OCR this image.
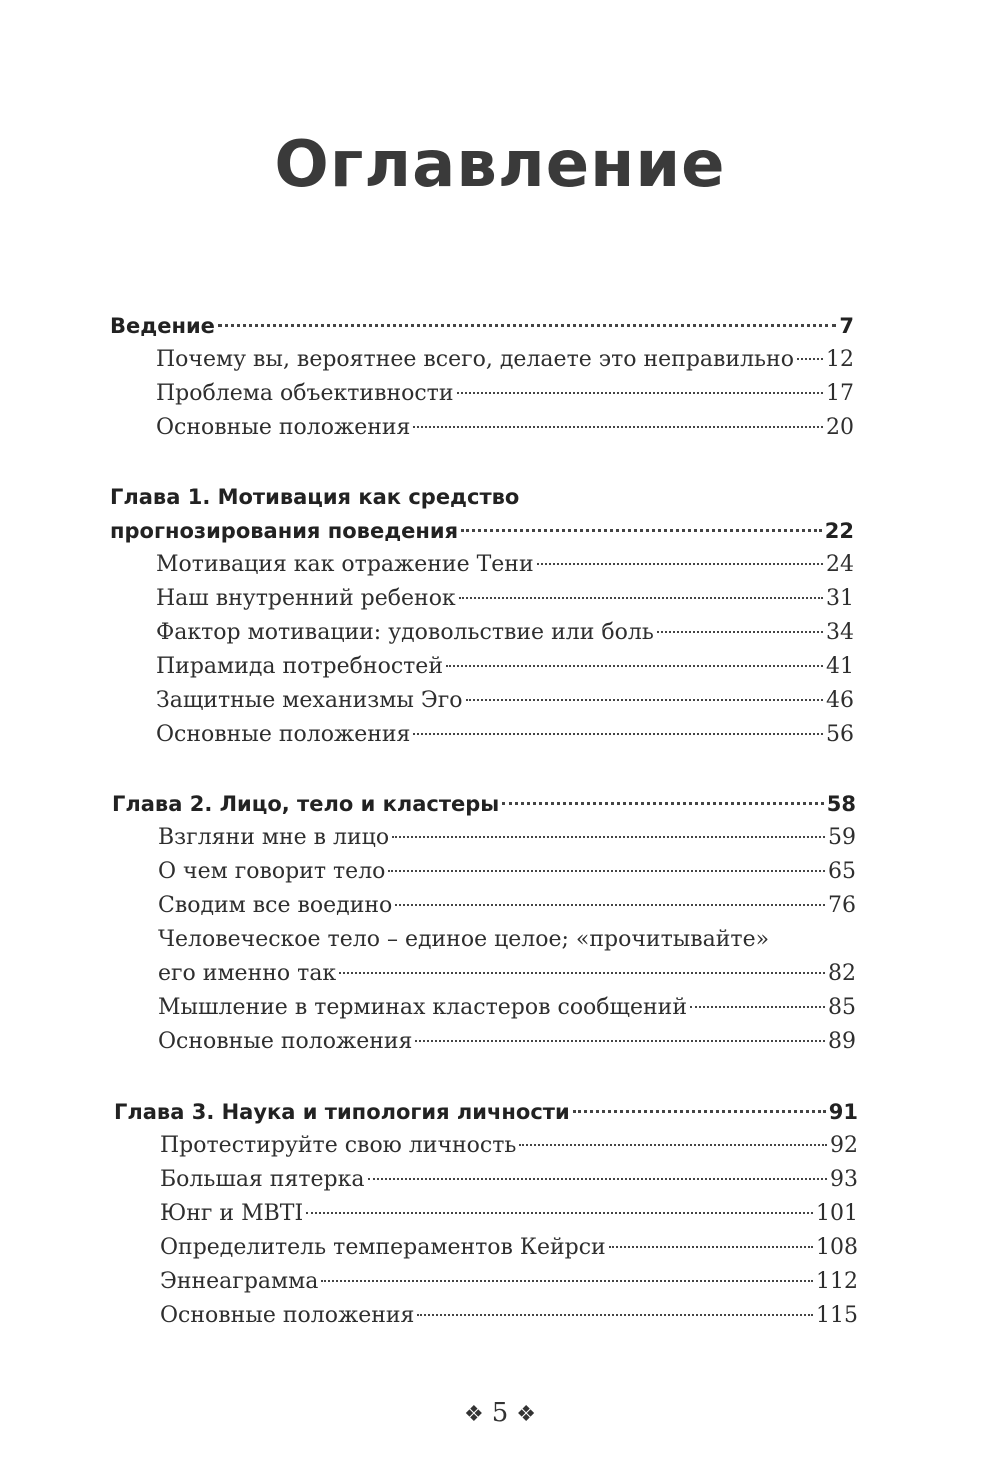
Оглавление
Ведение	7
Почему вы, вероятнее всего, делаете это неправильно 12
Проблема объективности	17
Основные положения	20
Глава 1. Мотивация как средство
прогнозирования поведения	22
Мотивация как отражение Тени	24
Наш внутренний ребенок	31
Фактор мотивации: удовольствие или боль	34
Пирамида потребностей	41
Защитные механизмы Эго	46
Основные положения	56
Глава 2. Лицо, тело и кластеры	58
Взгляни мне в лицо	59
О чем говорит тело	65
Сводим все воедино	76
Человеческое тело – единое целое; «прочитывайте»
его именно так	82
Мышление в терминах кластеров сообщений	85
Основные положения	89
Глава 3. Наука и типология личности	91
Протестируйте свою личность	92
Большая пятерка	93
Юнг и MBTI	101
Определитель темпераментов Кейрси	108
Эннеаграмма	112
Основные положения	115
❖ 5 ❖
